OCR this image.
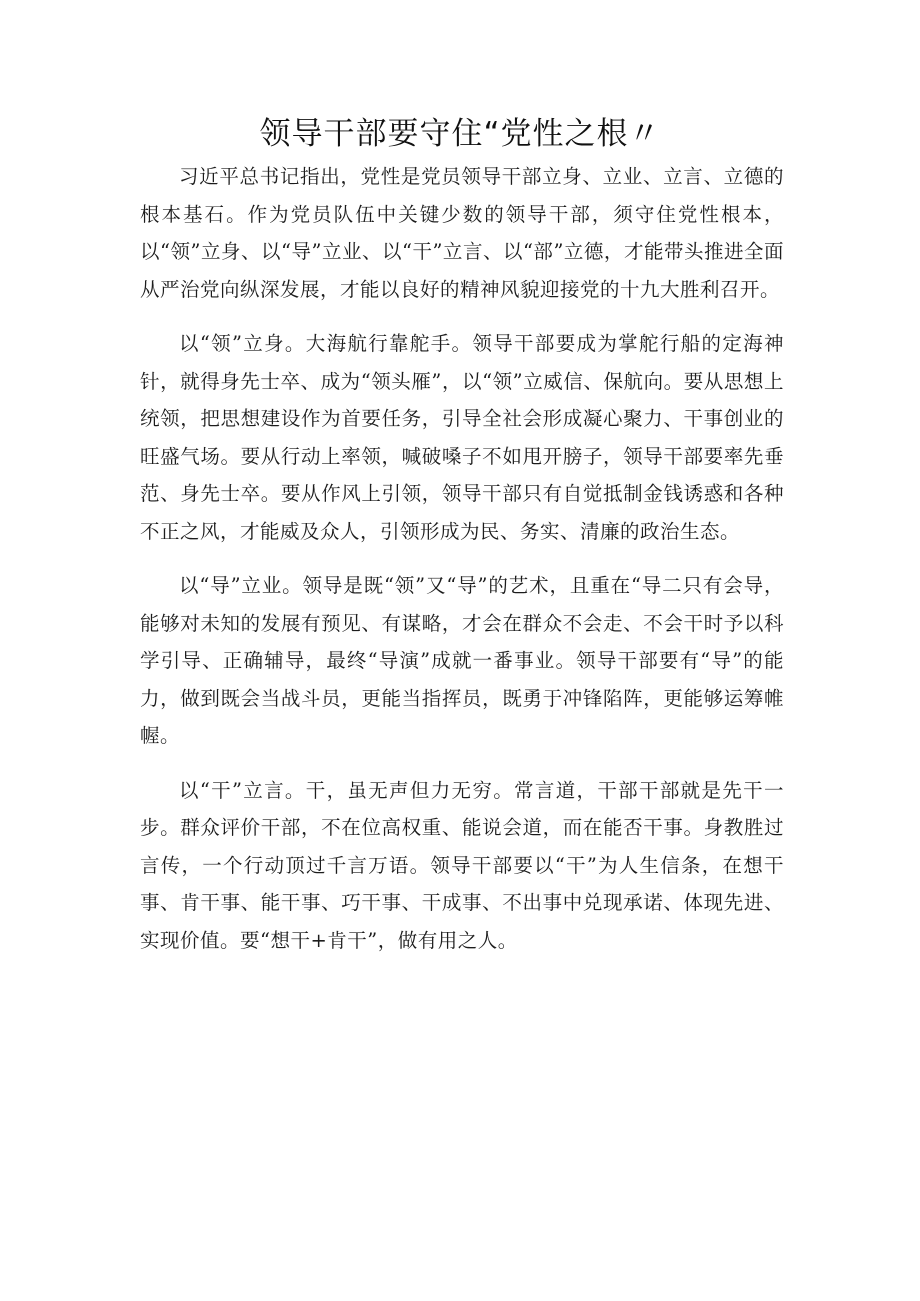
领导干部要守住“党性之根〃

习近平总书记指出，党性是党员领导干部立身、立业、立言、立德的根本基石。作为党员队伍中关键少数的领导干部，须守住党性根本，以“领”立身、以“导”立业、以“干”立言、以“部”立德，才能带头推进全面从严治党向纵深发展，才能以良好的精神风貌迎接党的十九大胜利召开。

以“领”立身。大海航行靠舵手。领导干部要成为掌舵行船的定海神针，就得身先士卒、成为“领头雁”，以“领”立威信、保航向。要从思想上统领，把思想建设作为首要任务，引导全社会形成凝心聚力、干事创业的旺盛气场。要从行动上率领，喊破嗓子不如甩开膀子，领导干部要率先垂范、身先士卒。要从作风上引领，领导干部只有自觉抵制金钱诱惑和各种不正之风，才能威及众人，引领形成为民、务实、清廉的政治生态。

以“导”立业。领导是既“领”又“导”的艺术，且重在“导二只有会导，能够对未知的发展有预见、有谋略，才会在群众不会走、不会干时予以科学引导、正确辅导，最终“导演”成就一番事业。领导干部要有“导”的能力，做到既会当战斗员，更能当指挥员，既勇于冲锋陷阵，更能够运筹帷幄。

以“干”立言。干，虽无声但力无穷。常言道，干部干部就是先干一步。群众评价干部，不在位高权重、能说会道，而在能否干事。身教胜过言传，一个行动顶过千言万语。领导干部要以“干”为人生信条，在想干事、肯干事、能干事、巧干事、干成事、不出事中兑现承诺、体现先进、实现价值。要“想干+肯干”，做有用之人。
